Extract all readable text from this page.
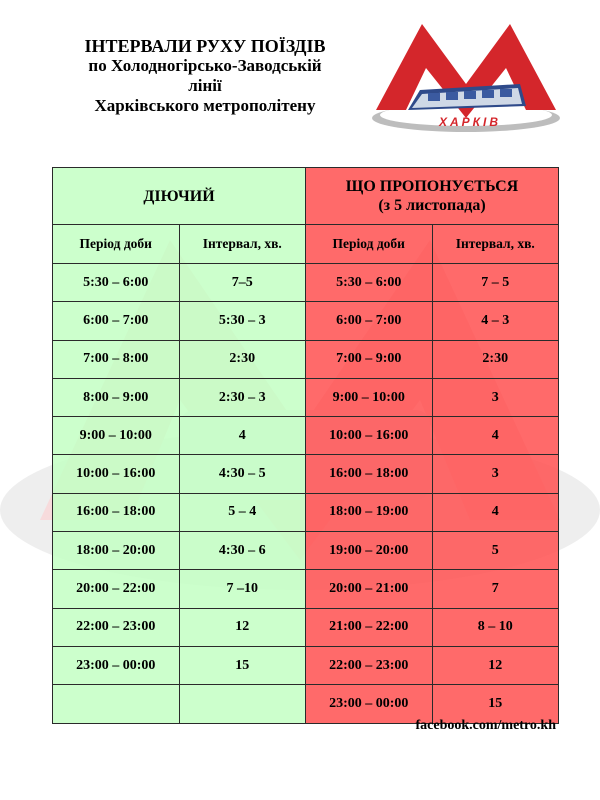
ІНТЕРВАЛИ РУХУ ПОЇЗДІВ
по Холодногірсько-Заводській
лінії
Харківського метрополітену
ХАРКІВ
ДІЮЧИЙ		ЩО ПРОПОНУЄТЬСЯ
(з 5 листопада)	
Період доби	Інтервал, хв.	Період доби	Інтервал, хв.
5:30 – 6:00	7–5	5:30 – 6:00	7 – 5
6:00 – 7:00	5:30 – 3	6:00 – 7:00	4 – 3
7:00 – 8:00	2:30	7:00 – 9:00	2:30
8:00 – 9:00	2:30 – 3	9:00 – 10:00	3
9:00 – 10:00	4	10:00 – 16:00	4
10:00 – 16:00	4:30 – 5	16:00 – 18:00	3
16:00 – 18:00	5 – 4	18:00 – 19:00	4
18:00 – 20:00	4:30 – 6	19:00 – 20:00	5
20:00 – 22:00	7 –10	20:00 – 21:00	7
22:00 – 23:00	12	21:00 – 22:00	8 – 10
23:00 – 00:00	15	22:00 – 23:00	12
		23:00 – 00:00	15
facebook.com/metro.kh
